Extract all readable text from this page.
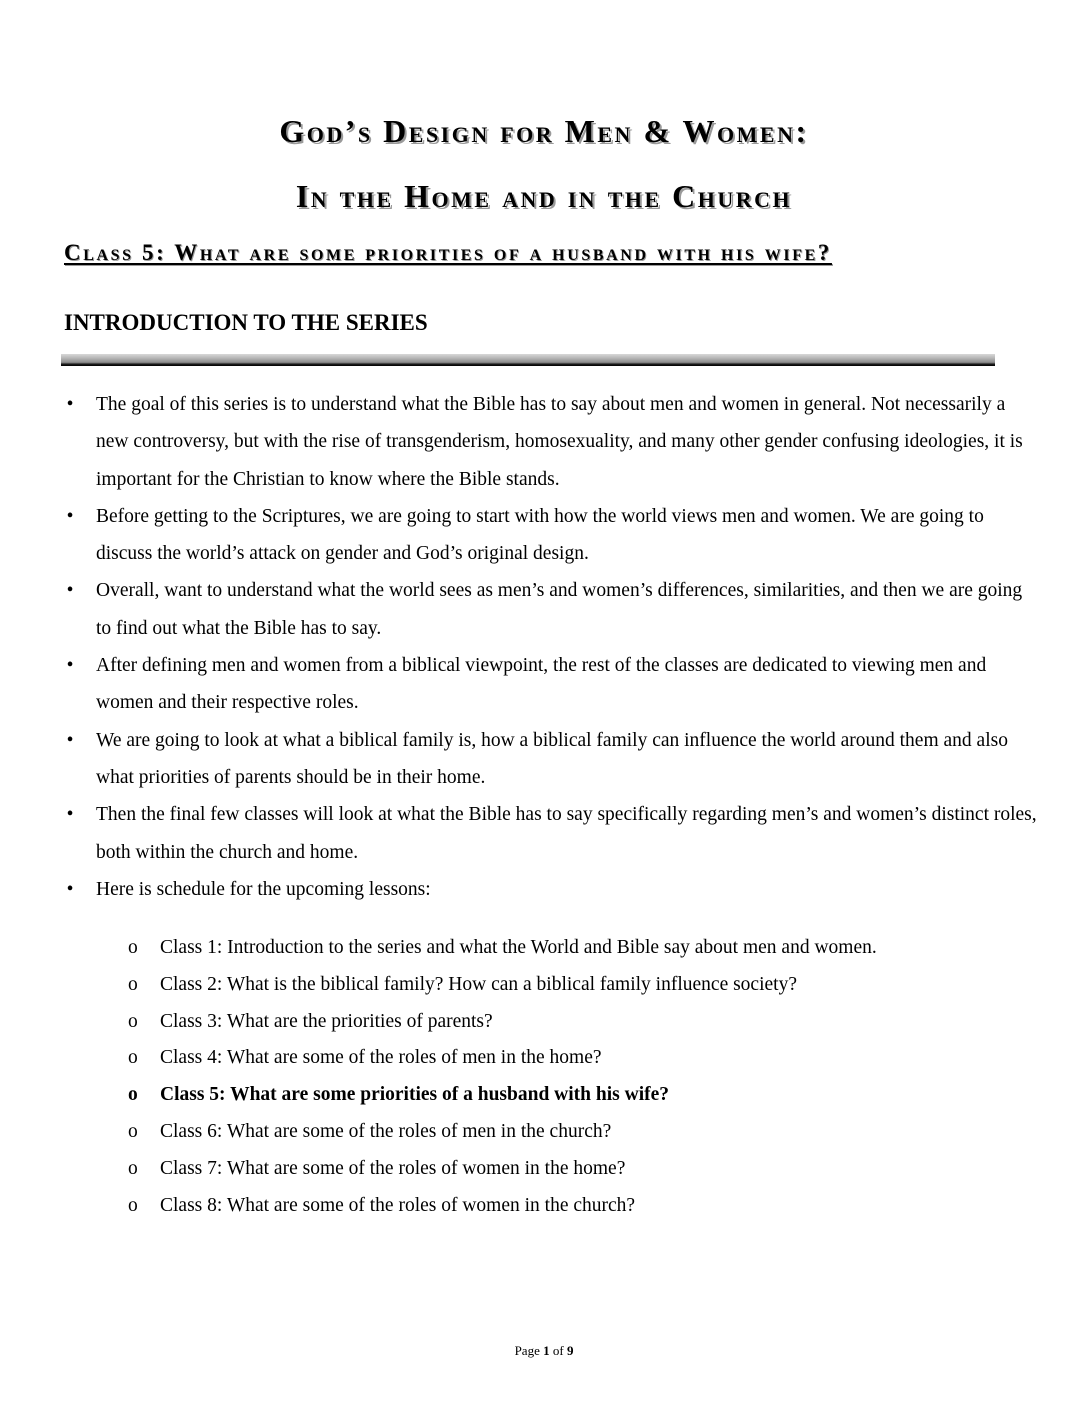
God’s Design for Men & Women:
In the Home and in the Church
Class 5: What are some priorities of a husband with his wife?
INTRODUCTION TO THE SERIES
• The goal of this series is to understand what the Bible has to say about men and women in general. Not necessarily a new controversy, but with the rise of transgenderism, homosexuality, and many other gender confusing ideologies, it is important for the Christian to know where the Bible stands.
• Before getting to the Scriptures, we are going to start with how the world views men and women. We are going to discuss the world’s attack on gender and God’s original design.
• Overall, want to understand what the world sees as men’s and women’s differences, similarities, and then we are going to find out what the Bible has to say.
• After defining men and women from a biblical viewpoint, the rest of the classes are dedicated to viewing men and women and their respective roles.
• We are going to look at what a biblical family is, how a biblical family can influence the world around them and also what priorities of parents should be in their home.
• Then the final few classes will look at what the Bible has to say specifically regarding men’s and women’s distinct roles, both within the church and home.
• Here is schedule for the upcoming lessons:
o Class 1: Introduction to the series and what the World and Bible say about men and women.
o Class 2: What is the biblical family? How can a biblical family influence society?
o Class 3: What are the priorities of parents?
o Class 4: What are some of the roles of men in the home?
o Class 5: What are some priorities of a husband with his wife?
o Class 6: What are some of the roles of men in the church?
o Class 7: What are some of the roles of women in the home?
o Class 8: What are some of the roles of women in the church?
Page 1 of 9
